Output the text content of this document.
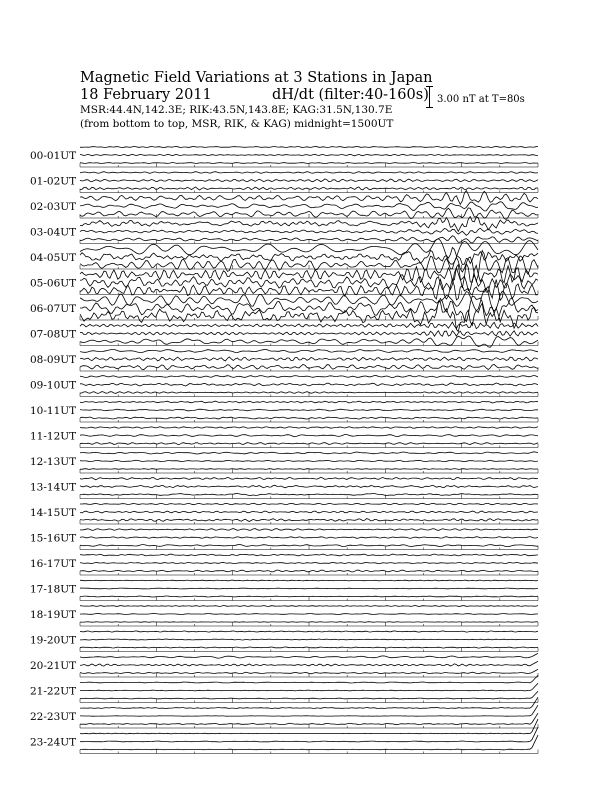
Magnetic Field Variations at 3 Stations in Japan
18 February 2011	dH/dt (filter:40-160s)
MSR:44.4N,142.3E; RIK:43.5N,143.8E; KAG:31.5N,130.7E
(from bottom to top, MSR, RIK, & KAG) midnight=1500UT
3.00 nT at T=80s
00-01UT
01-02UT
02-03UT
03-04UT
04-05UT
05-06UT
06-07UT
07-08UT
08-09UT
09-10UT
10-11UT
11-12UT
12-13UT
13-14UT
14-15UT
15-16UT
16-17UT
17-18UT
18-19UT
19-20UT
20-21UT
21-22UT
22-23UT
23-24UT
